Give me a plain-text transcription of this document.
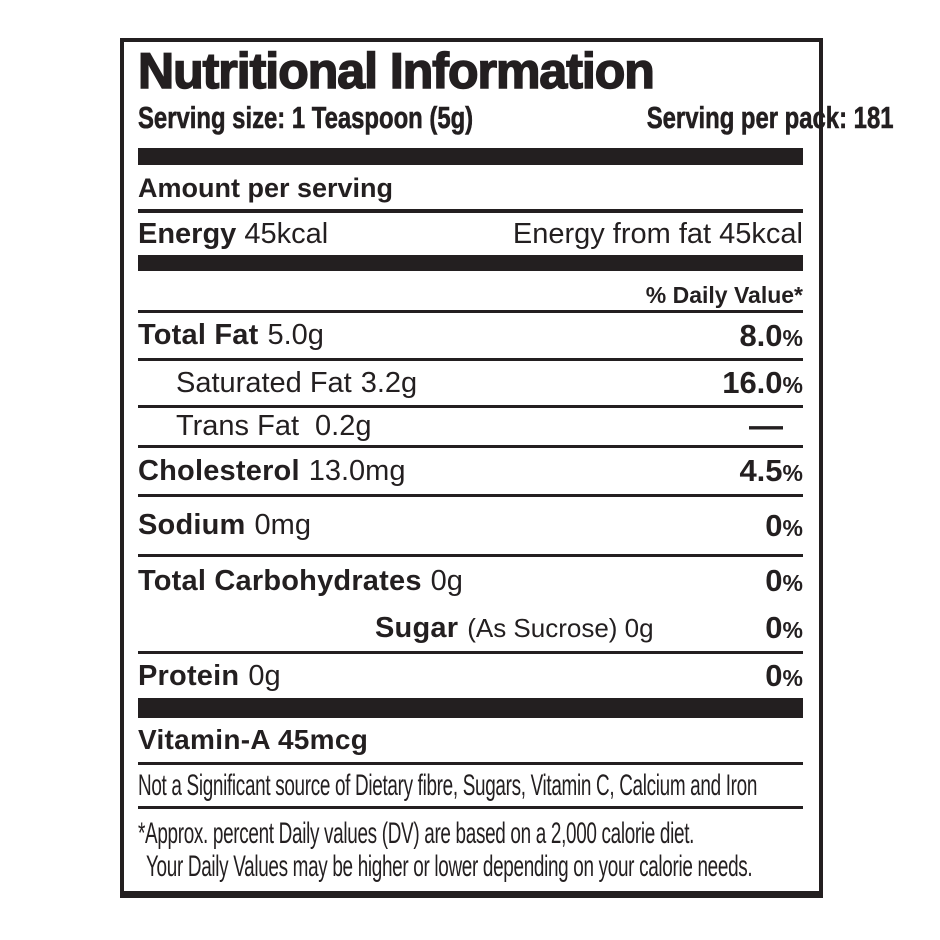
Nutritional Information
Serving size: 1 Teaspoon (5g)	Serving per pack: 181
Amount per serving
Energy 45kcal	Energy from fat 45kcal
% Daily Value*
Total Fat 5.0g	8.0%
Saturated Fat 3.2g	16.0%
Trans Fat 0.2g	—
Cholesterol 13.0mg	4.5%
Sodium 0mg	0%
Total Carbohydrates 0g	0%
Sugar (As Sucrose) 0g	0%
Protein 0g	0%
Vitamin-A 45mcg
Not a Significant source of Dietary fibre, Sugars, Vitamin C, Calcium and Iron
*Approx. percent Daily values (DV) are based on a 2,000 calorie diet.
Your Daily Values may be higher or lower depending on your calorie needs.
